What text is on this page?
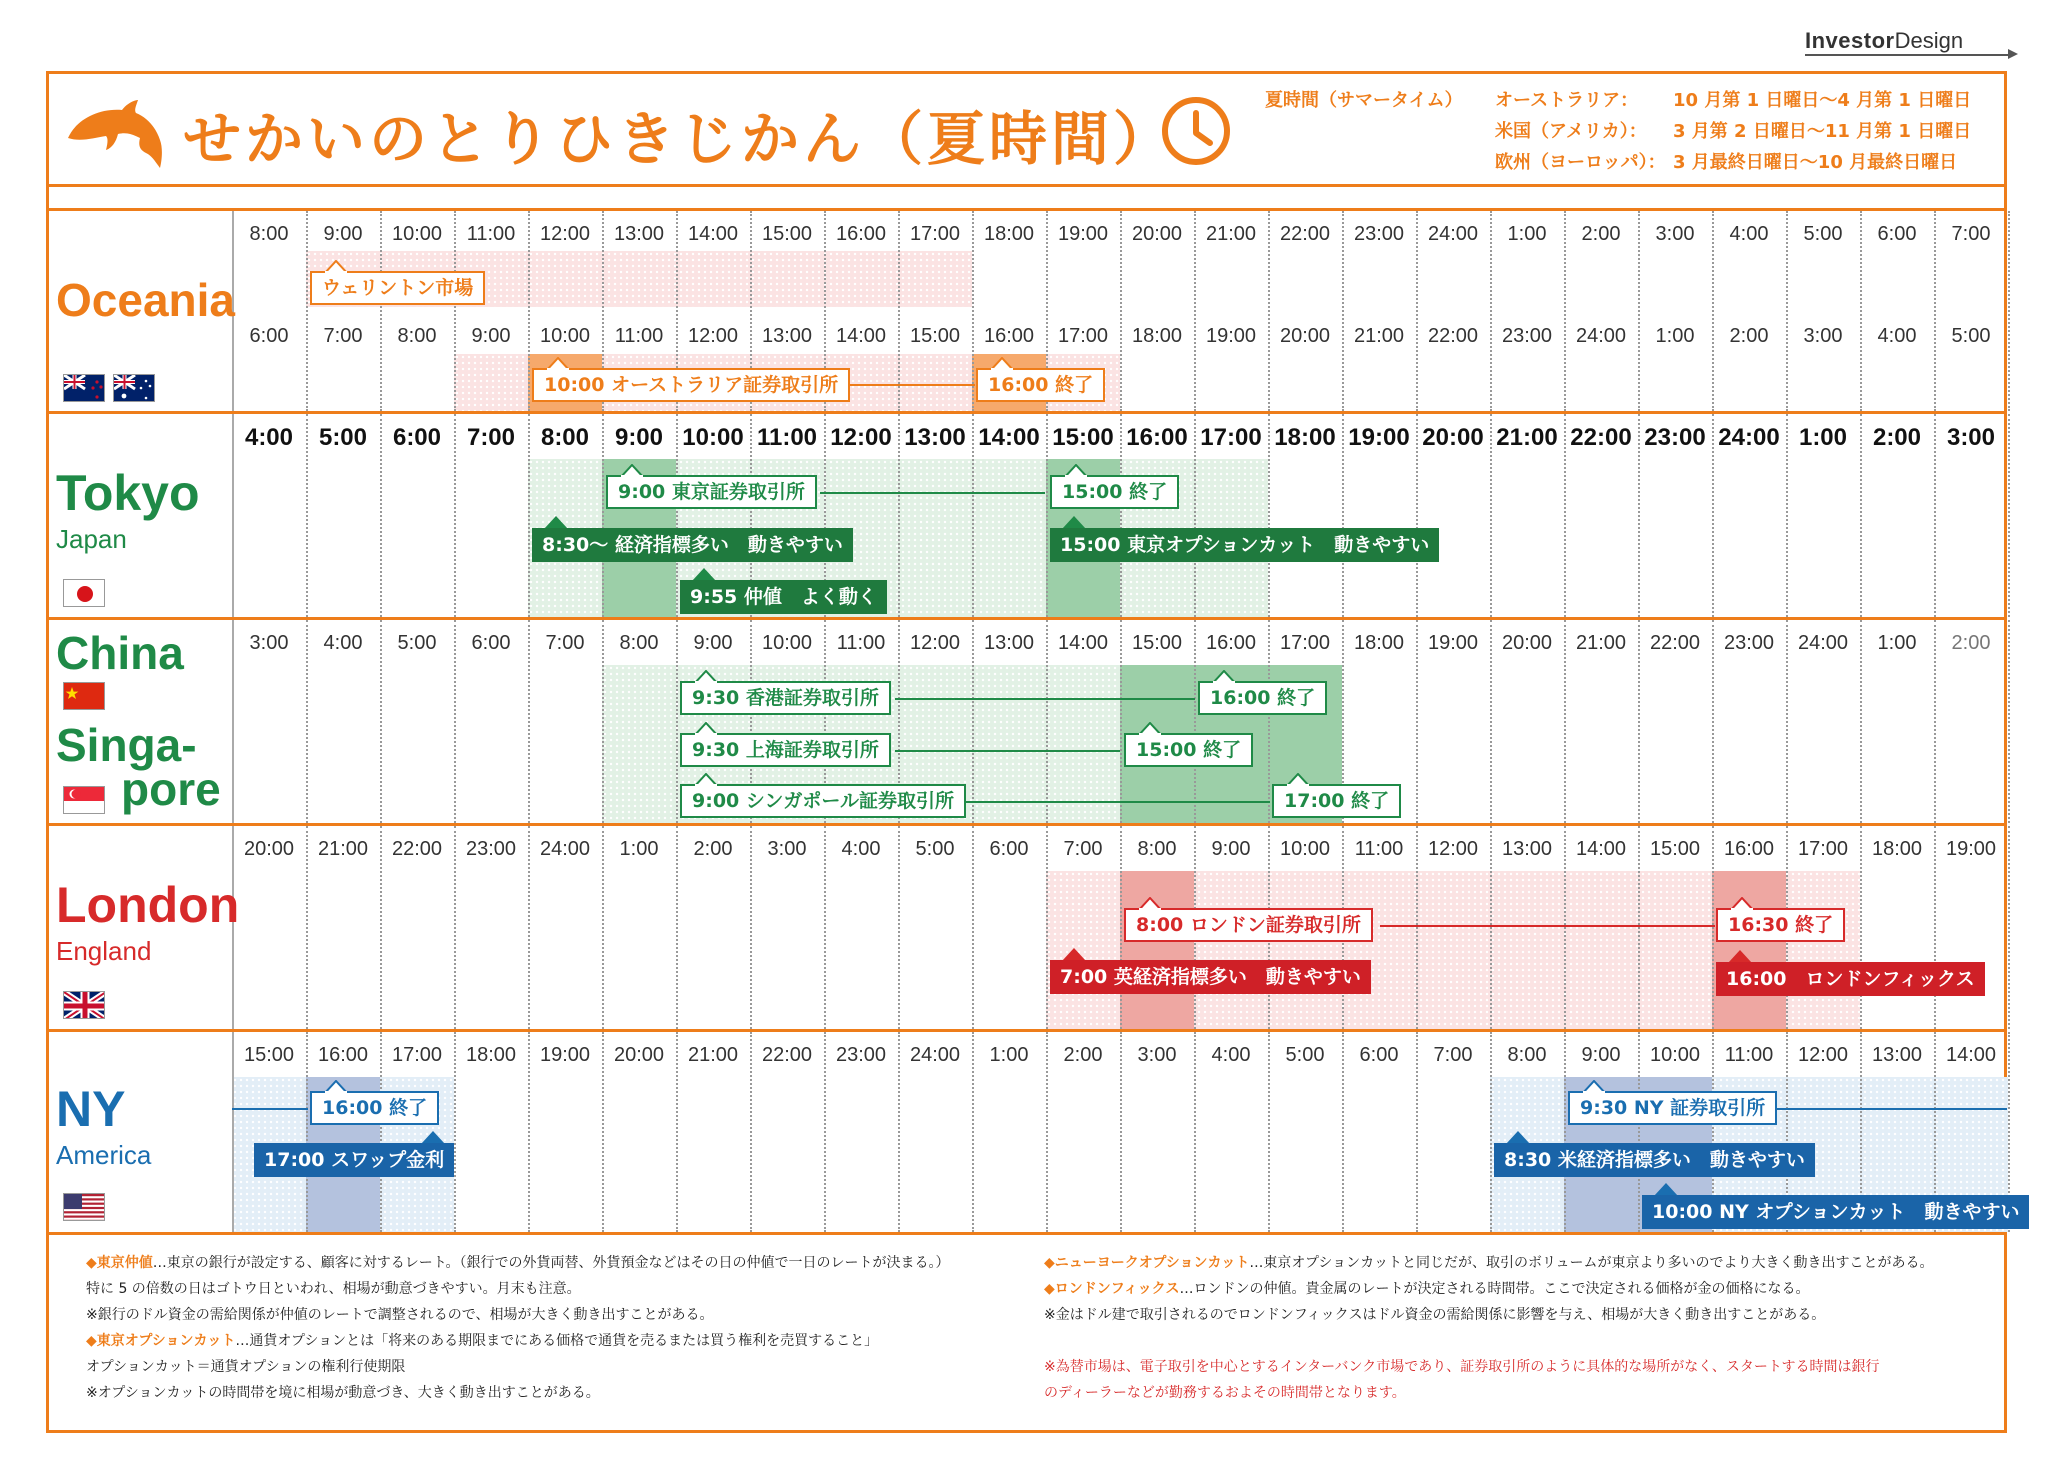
InvestorDesign
せかいのとりひきじかん（夏時間）
夏時間（サマータイム） オーストラリア： 10 月第 1 日曜日〜4 月第 1 日曜日
米国（アメリカ）： 3 月第 2 日曜日〜11 月第 1 日曜日
欧州（ヨーロッパ）： 3 月最終日曜日〜10 月最終日曜日
8:00	9:00	10:00	11:00	12:00	13:00	14:00	15:00	16:00	17:00	18:00	19:00	20:00	21:00	22:00	23:00	24:00	1:00	2:00	3:00	4:00	5:00	6:00	7:00
6:00	7:00	8:00	9:00	10:00	11:00	12:00	13:00	14:00	15:00	16:00	17:00	18:00	19:00	20:00	21:00	22:00	23:00	24:00	1:00	2:00	3:00	4:00	5:00
ウェリントン市場
10:00 オーストラリア証券取引所	16:00 終了
Oceania
4:00	5:00	6:00	7:00	8:00	9:00 10:00 11:00 12:00 13:00 14:00 15:00 16:00 17:00 18:00 19:00 20:00 21:00 22:00 23:00 24:00 1:00	2:00	3:00
9:00 東京証券取引所	15:00 終了
8:30〜 経済指標多い　動きやすい	15:00 東京オプションカット　動きやすい
9:55 仲値　よく動く
Tokyo
Japan
3:00	4:00	5:00	6:00	7:00	8:00	9:00	10:00	11:00	12:00	13:00	14:00	15:00	16:00	17:00	18:00	19:00	20:00	21:00	22:00	23:00	24:00	1:00	2:00
9:30 香港証券取引所	16:00 終了
9:30 上海証券取引所	15:00 終了
9:00 シンガポール証券取引所	17:00 終了
China
Singa-
pore
20:00	21:00	22:00	23:00	24:00	1:00	2:00	3:00	4:00	5:00	6:00	7:00	8:00	9:00	10:00	11:00	12:00	13:00	14:00	15:00	16:00	17:00	18:00	19:00
8:00 ロンドン証券取引所	16:30 終了
7:00 英経済指標多い　動きやすい	16:00　ロンドンフィックス
London
England
15:00	16:00	17:00	18:00	19:00	20:00	21:00	22:00	23:00	24:00	1:00	2:00	3:00	4:00	5:00	6:00	7:00	8:00	9:00	10:00	11:00	12:00	13:00	14:00
16:00 終了
17:00 スワップ金利
9:30 NY 証券取引所
8:30 米経済指標多い　動きやすい
10:00 NY オプションカット　動きやすい
NY
America
◆東京仲値…東京の銀行が設定する、顧客に対するレート。（銀行での外貨両替、外貨預金などはその日の仲値で一日のレートが決まる。）
特に 5 の倍数の日はゴトウ日といわれ、相場が動意づきやすい。月末も注意。
※銀行のドル資金の需給関係が仲値のレートで調整されるので、相場が大きく動き出すことがある。
◆東京オプションカット…通貨オプションとは「将来のある期限までにある価格で通貨を売るまたは買う権利を売買すること」
オプションカット＝通貨オプションの権利行使期限
※オプションカットの時間帯を境に相場が動意づき、大きく動き出すことがある。
◆ニューヨークオプションカット…東京オプションカットと同じだが、取引のボリュームが東京より多いのでより大きく動き出すことがある。
◆ロンドンフィックス…ロンドンの仲値。貴金属のレートが決定される時間帯。ここで決定される価格が金の価格になる。
※金はドル建で取引されるのでロンドンフィックスはドル資金の需給関係に影響を与え、相場が大きく動き出すことがある。
※為替市場は、電子取引を中心とするインターバンク市場であり、証券取引所のように具体的な場所がなく、スタートする時間は銀行
のディーラーなどが勤務するおよその時間帯となります。
